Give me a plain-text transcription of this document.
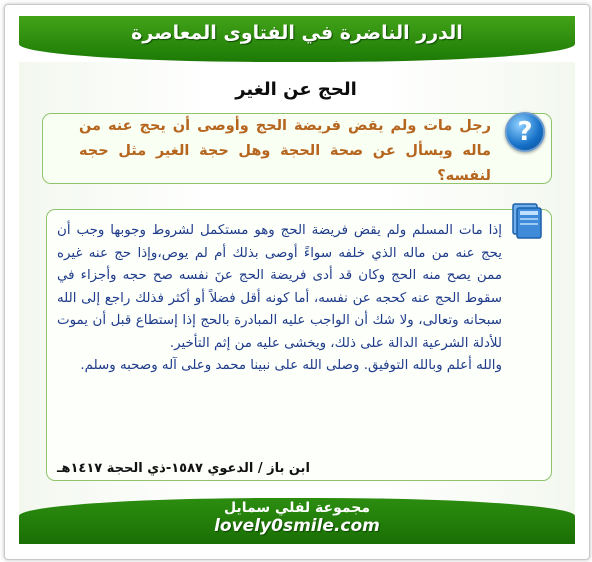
الدرر الناضرة في الفتاوى المعاصرة
الحج عن الغير
?
رجل مات ولم يقض فريضة الحج وأوصى أن يحج عنه من ماله ويسأل عن صحة الحجة وهل حجة الغير مثل حجه لنفسه؟

إذا مات المسلم ولم يقض فريضة الحج وهو مستكمل لشروط وجوبها وجب أن يحج عنه من ماله الذي خلفه سواءً أوصى بذلك أم لم يوص،وإذا حج عنه غيره ممن يصح منه الحج وكان قد أدى فريضة الحج عنَ نفسه صح حجه وأجزاء في سقوط الحج عنه كحجه عن نفسه، أما كونه أقل فضلاً أو أكثر فذلك راجع إلى الله سبحانه وتعالى، ولا شك أن الواجب عليه المبادرة بالحج إذا إستطاع قبل أن يموت للأدلة الشرعية الدالة على ذلك، ويخشى عليه من إثم التأخير.

والله أعلم وبالله التوفيق. وصلى الله على نبينا محمد وعلى آله وصحبه وسلم.

ابن باز / الدعوي ١٥٨٧-ذي الحجة ١٤١٧هـ
مجموعة لفلي سمايل
lovely0smile.com
